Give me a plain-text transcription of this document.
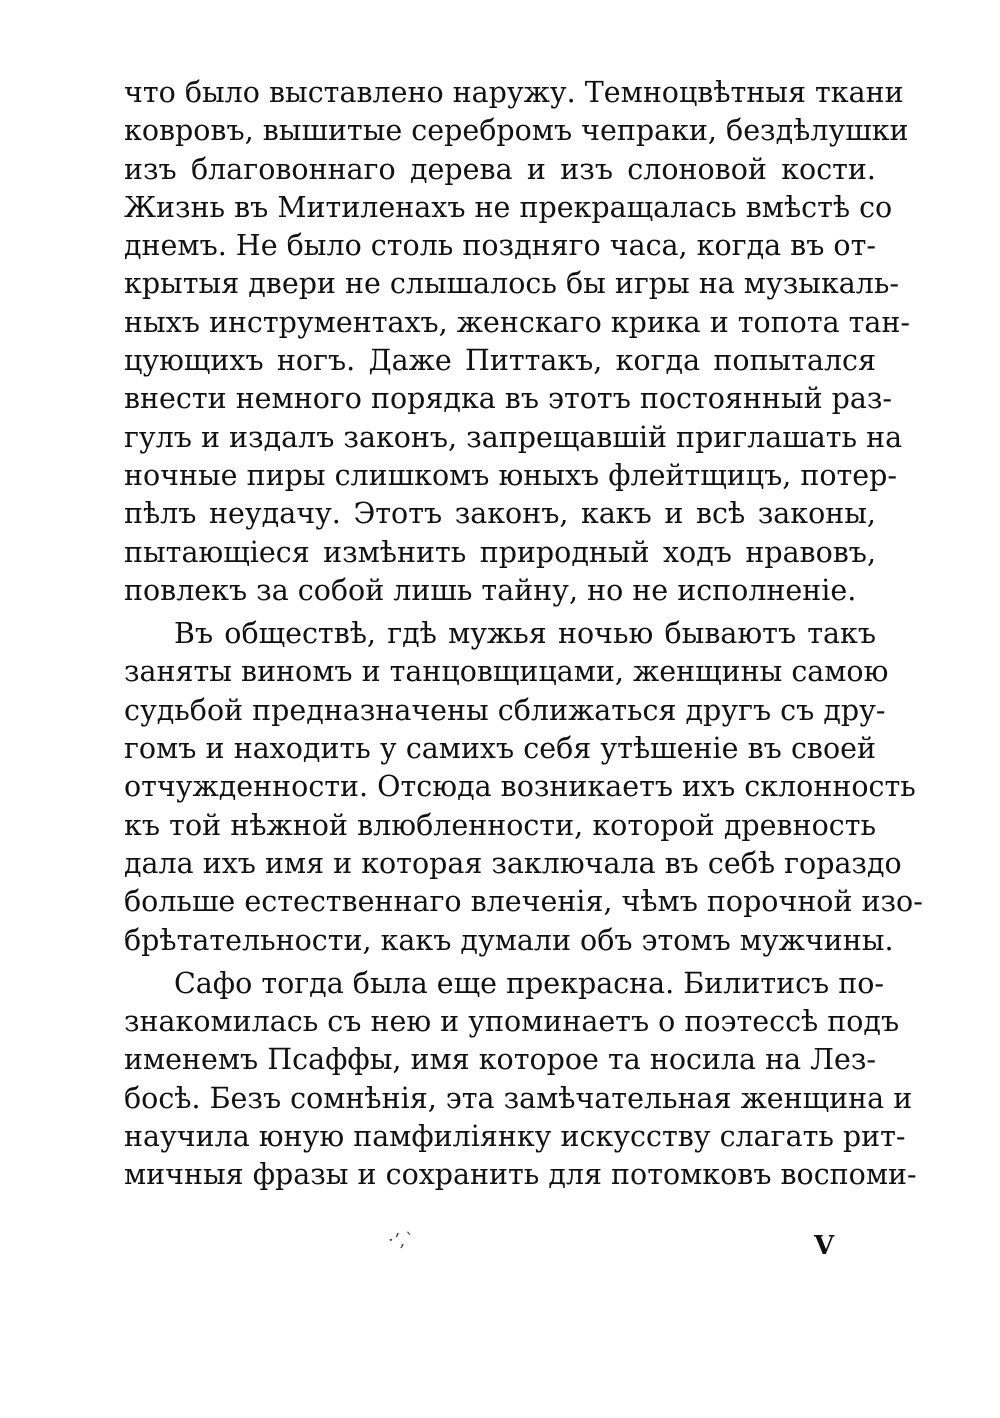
что было выставлено наружу. Темноцвѣтныя ткани
ковровъ, вышитые серебромъ чепраки, бездѣлушки
изъ благовоннаго дерева и изъ слоновой кости.
Жизнь въ Митиленахъ не прекращалась вмѣстѣ со
днемъ. Не было столь поздняго часа, когда въ от-
крытыя двери не слышалось бы игры на музыкаль-
ныхъ инструментахъ, женскаго крика и топота тан-
цующихъ ногъ. Даже Питтакъ, когда попытался
внести немного порядка въ этотъ постоянный раз-
гулъ и издалъ законъ, запрещавшій приглашать на
ночные пиры слишкомъ юныхъ флейтщицъ, потер-
пѣлъ неудачу. Этотъ законъ, какъ и всѣ законы,
пытающіеся измѣнить природный ходъ нравовъ,
повлекъ за собой лишь тайну, но не исполненіе.
Въ обществѣ, гдѣ мужья ночью бываютъ такъ
заняты виномъ и танцовщицами, женщины самою
судьбой предназначены сближаться другъ съ дру-
гомъ и находить у самихъ себя утѣшеніе въ своей
отчужденности. Отсюда возникаетъ ихъ склонность
къ той нѣжной влюбленности, которой древность
дала ихъ имя и которая заключала въ себѣ гораздо
больше естественнаго влеченія, чѣмъ порочной изо-
брѣтательности, какъ думали объ этомъ мужчины.
Сафо тогда была еще прекрасна. Билитисъ по-
знакомилась съ нею и упоминаетъ о поэтессѣ подъ
именемъ Псаффы, имя которое та носила на Лез-
босѣ. Безъ сомнѣнія, эта замѣчательная женщина и
научила юную памфиліянку искусству слагать рит-
мичныя фразы и сохранить для потомковъ воспоми-
·ʼ,ˋ	V
